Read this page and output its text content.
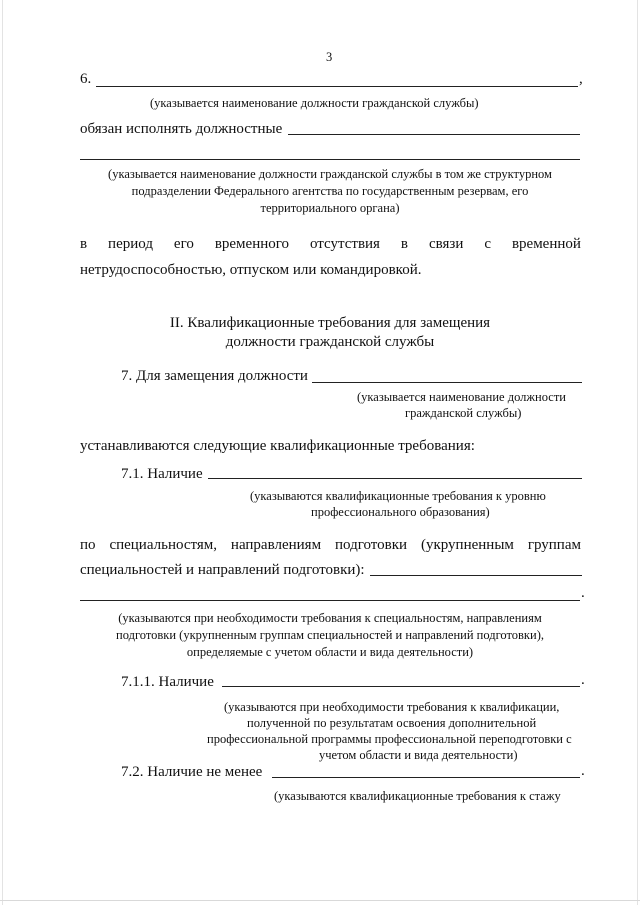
3
6.	,
(указывается наименование должности гражданской службы)
обязан исполнять должностные
(указывается наименование должности гражданской службы в том же структурном
подразделении Федерального агентства по государственным резервам, его
территориального органа)
в период его временного отсутствия в связи с временной
нетрудоспособностью, отпуском или командировкой.
II. Квалификационные требования для замещения
должности гражданской службы
7. Для замещения должности
(указывается наименование должности
гражданской службы)
устанавливаются следующие квалификационные требования:
7.1. Наличие
(указываются квалификационные требования к уровню
профессионального образования)
по специальностям, направлениям подготовки (укрупненным группам
специальностей и направлений подготовки):
.
(указываются при необходимости требования к специальностям, направлениям
подготовки (укрупненным группам специальностей и направлений подготовки),
определяемые с учетом области и вида деятельности)
7.1.1. Наличие	.
(указываются при необходимости требования к квалификации,
полученной по результатам освоения дополнительной
профессиональной программы профессиональной переподготовки с
учетом области и вида деятельности)
7.2. Наличие не менее	.
(указываются квалификационные требования к стажу
